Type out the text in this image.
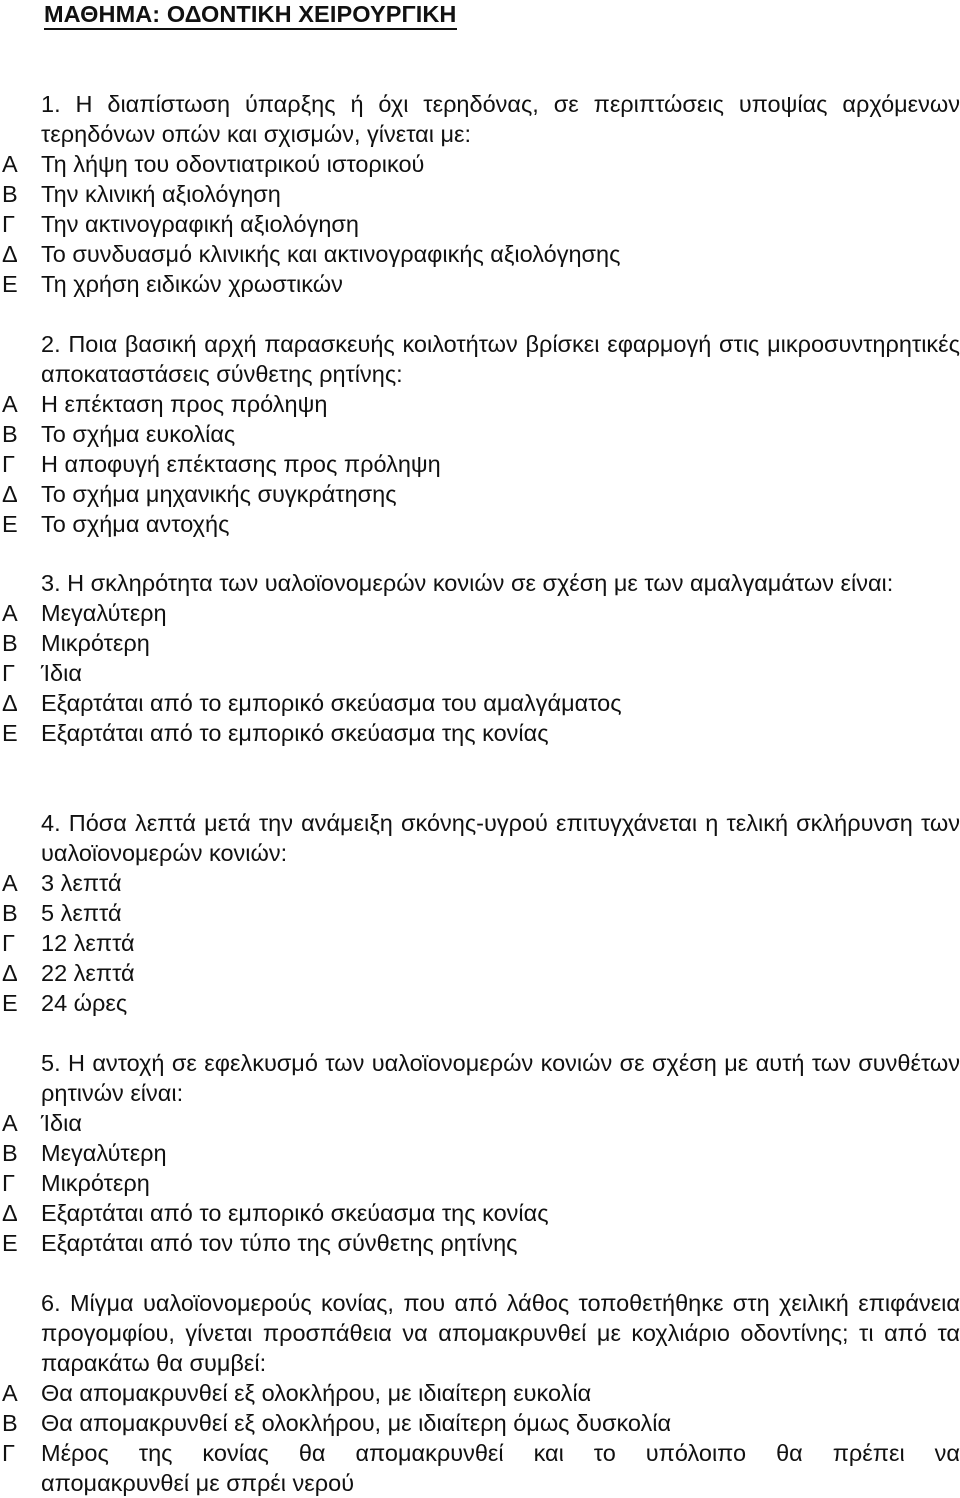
ΜΑΘΗΜΑ: ΟΔΟΝΤΙΚΗ ΧΕΙΡΟΥΡΓΙΚΗ
1. Η διαπίστωση ύπαρξης ή όχι τερηδόνας, σε περιπτώσεις υποψίας αρχόμενων τερηδόνων οπών και σχισμών, γίνεται με:
Α Τη λήψη του οδοντιατρικού ιστορικού
Β Την κλινική αξιολόγηση
Γ	Την ακτινογραφική αξιολόγηση
Δ Το συνδυασμό κλινικής και ακτινογραφικής αξιολόγησης
Ε Τη χρήση ειδικών χρωστικών
2. Ποια βασική αρχή παρασκευής κοιλοτήτων βρίσκει εφαρμογή στις μικροσυντηρητικές αποκαταστάσεις σύνθετης ρητίνης:
Α Η επέκταση προς πρόληψη
Β Το σχήμα ευκολίας
Γ	Η αποφυγή επέκτασης προς πρόληψη
Δ Το σχήμα μηχανικής συγκράτησης
Ε Το σχήμα αντοχής
3. Η σκληρότητα των υαλοϊονομερών κονιών σε σχέση με των αμαλγαμάτων είναι:
Α Μεγαλύτερη
Β Μικρότερη
Γ	Ίδια
Δ Εξαρτάται από το εμπορικό σκεύασμα του αμαλγάματος
Ε Εξαρτάται από το εμπορικό σκεύασμα της κονίας
4. Πόσα λεπτά μετά την ανάμειξη σκόνης-υγρού επιτυγχάνεται η τελική σκλήρυνση των υαλοϊονομερών κονιών:
Α 3 λεπτά
Β 5 λεπτά
Γ	12 λεπτά
Δ 22 λεπτά
Ε 24 ώρες
5. Η αντοχή σε εφελκυσμό των υαλοϊονομερών κονιών σε σχέση με αυτή των συνθέτων ρητινών είναι:
Α Ίδια
Β Μεγαλύτερη
Γ	Μικρότερη
Δ Εξαρτάται από το εμπορικό σκεύασμα της κονίας
Ε Εξαρτάται από τον τύπο της σύνθετης ρητίνης
6. Μίγμα υαλοϊονομερούς κονίας, που από λάθος τοποθετήθηκε στη χειλική επιφάνεια προγομφίου, γίνεται προσπάθεια να απομακρυνθεί με κοχλιάριο οδοντίνης; τι από τα παρακάτω θα συμβεί:
Α Θα απομακρυνθεί εξ ολοκλήρου, με ιδιαίτερη ευκολία
Β Θα απομακρυνθεί εξ ολοκλήρου, με ιδιαίτερη όμως δυσκολία
Γ	Μέρος της κονίας θα απομακρυνθεί και το υπόλοιπο θα πρέπει να
απομακρυνθεί με σπρέι νερού
